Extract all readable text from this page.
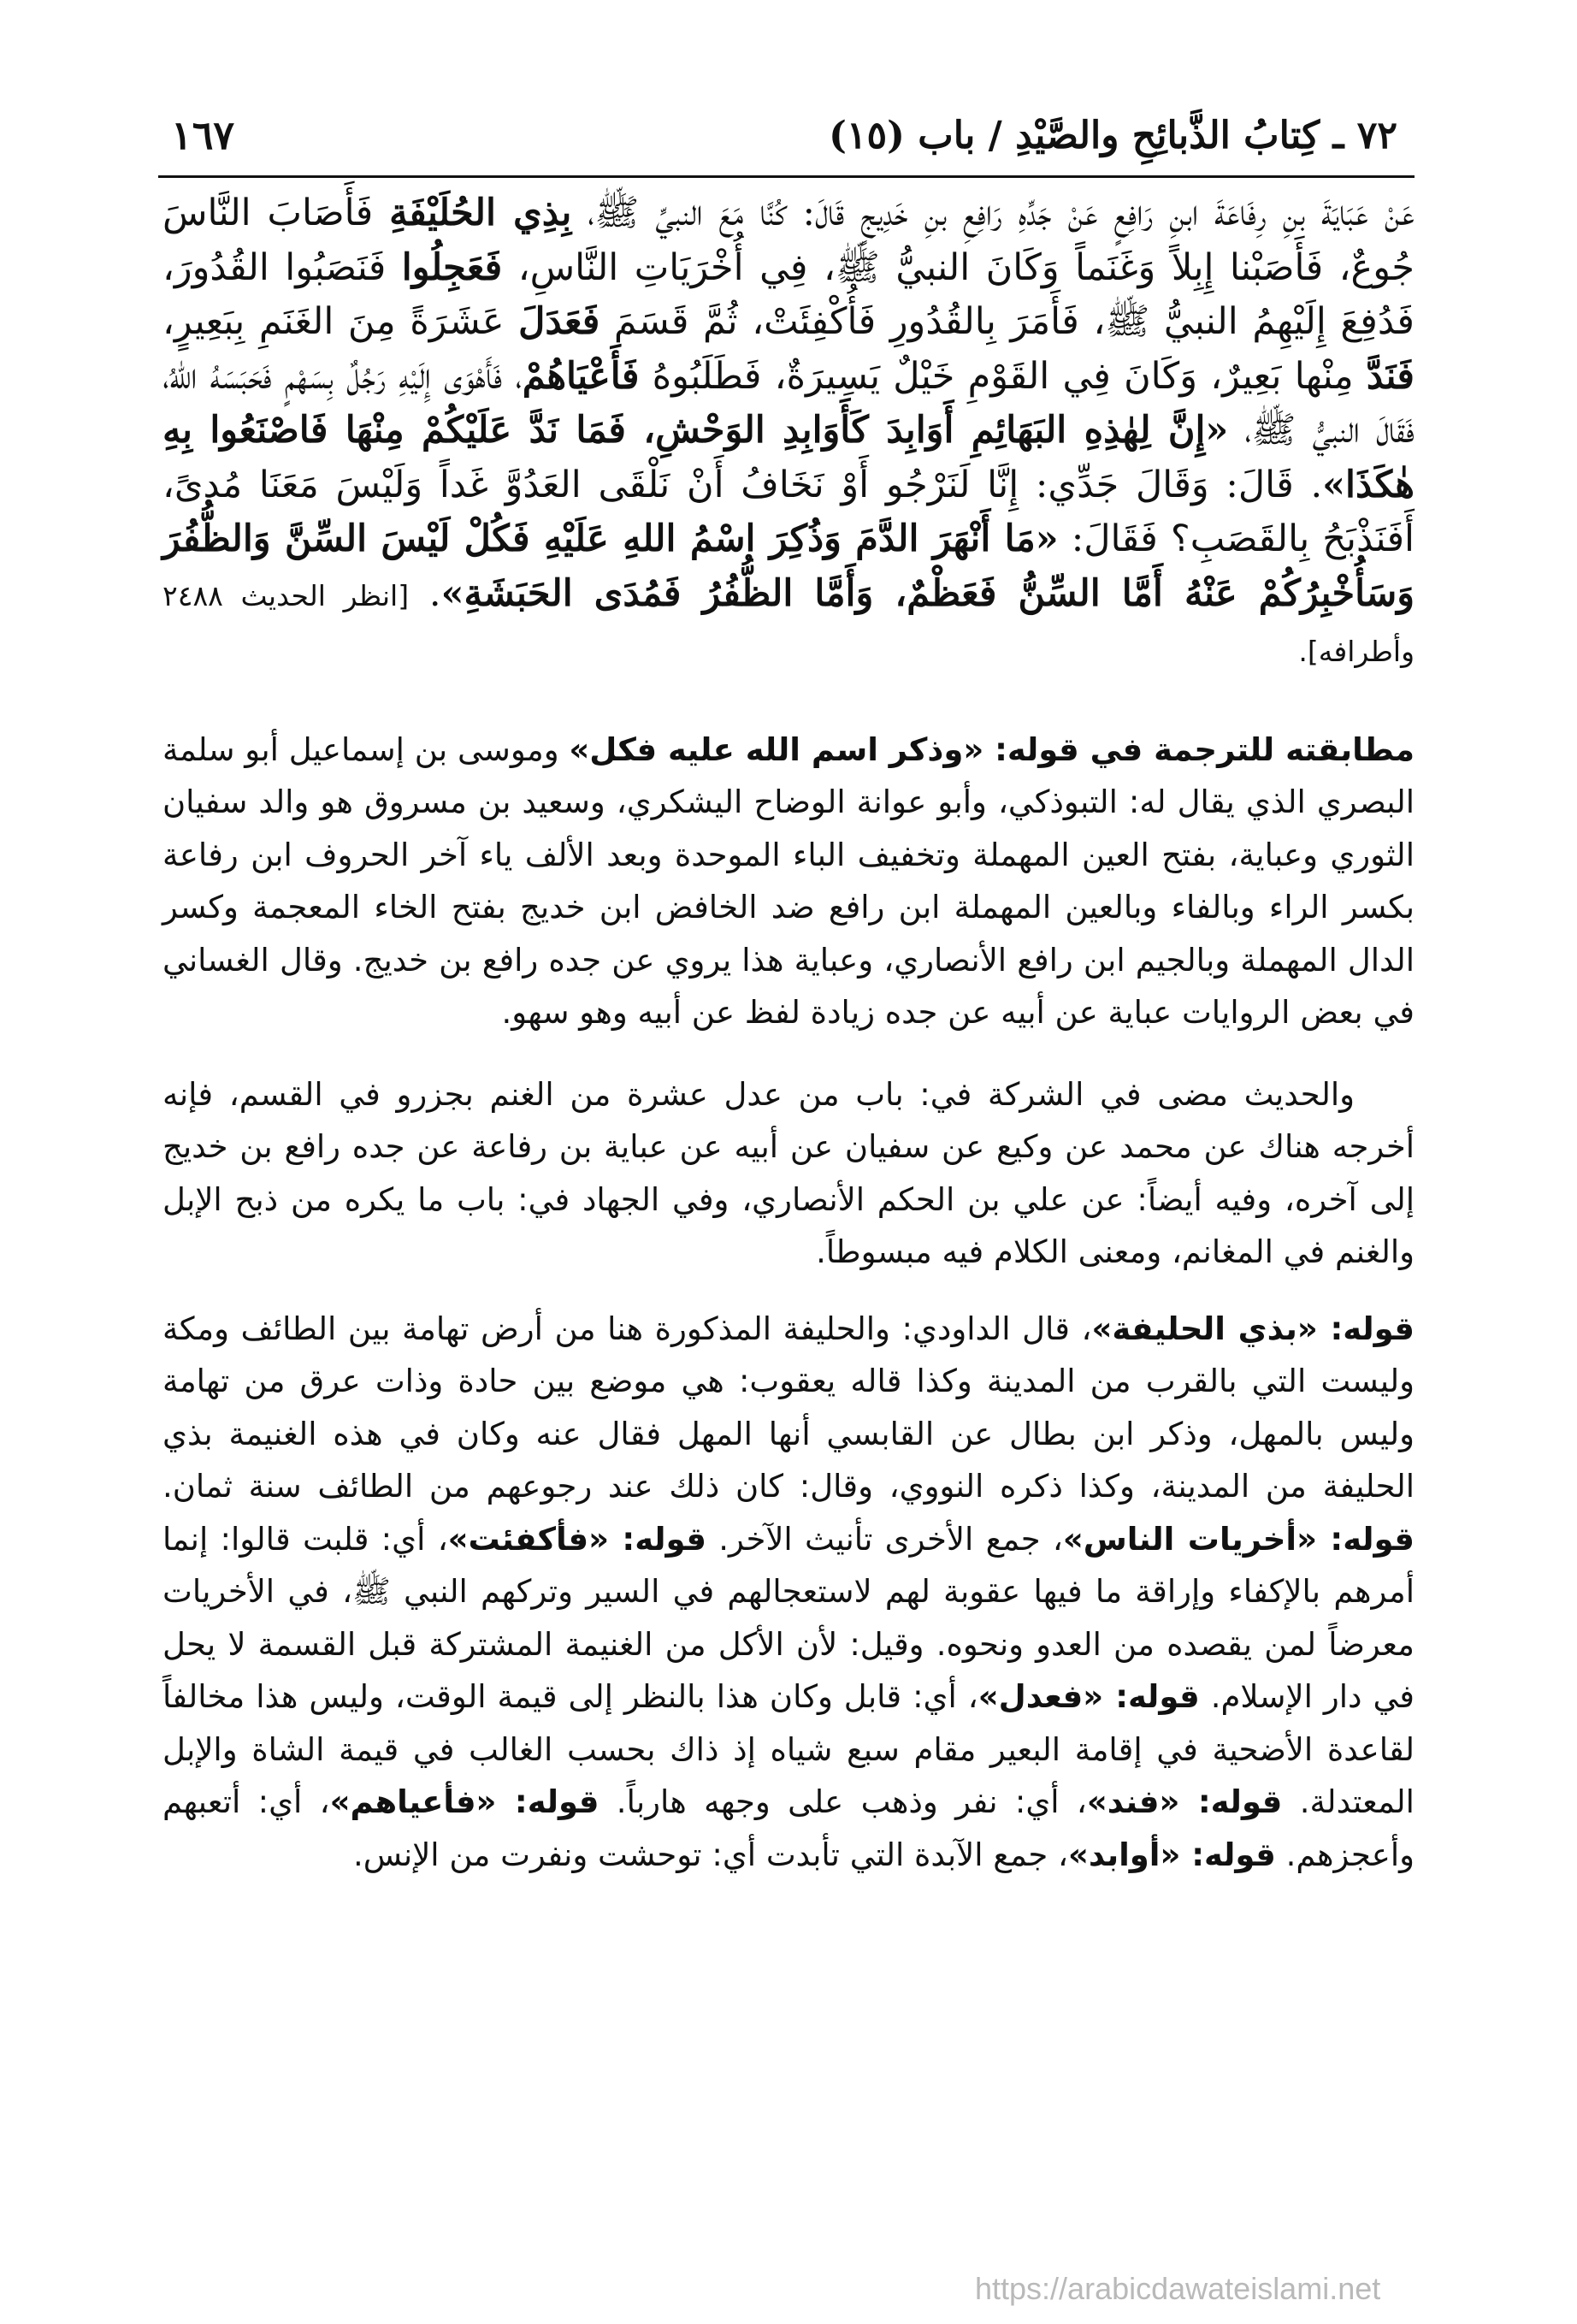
٧٢ ـ كِتابُ الذَّبائِحِ والصَّيْدِ / باب (١٥)
١٦٧

عَنْ عَبَايَةَ بنِ رِفَاعَةَ ابنِ رَافِعٍ عَنْ جَدِّهِ رَافِعِ بنِ خَدِيجٍ قَالَ: كُنَّا مَعَ النبيِّ ﷺ، بِذِي الحُلَيْفَةِ فَأَصَابَ النَّاسَ جُوعٌ، فَأَصَبْنا إِبِلاً وَغَنَماً وَكَانَ النبيُّ ﷺ، فِي أُخْرَيَاتِ النَّاسِ، فَعَجِلُوا فَنَصَبُوا القُدُورَ، فَدُفِعَ إِلَيْهِمُ النبيُّ ﷺ، فَأَمَرَ بِالقُدُورِ فَأُكْفِئَتْ، ثُمَّ قَسَمَ فَعَدَلَ عَشَرَةً مِنَ الغَنَمِ بِبَعِيرٍ، فَنَدَّ مِنْها بَعِيرٌ، وَكَانَ فِي القَوْمِ خَيْلٌ يَسِيرَةٌ، فَطَلَبُوهُ فَأَعْيَاهُمْ، فَأَهْوَى إِلَيْهِ رَجُلٌ بِسَهْمٍ فَحَبَسَهُ اللهُ، فَقَالَ النبيُّ ﷺ، «إِنَّ لِهٰذِهِ البَهَائِمِ أَوَابِدَ كَأَوَابِدِ الوَحْشِ، فَمَا نَدَّ عَلَيْكُمْ مِنْهَا فَاصْنَعُوا بِهِ هٰكَذَا». قَالَ: وَقَالَ جَدِّي: إِنَّا لَنَرْجُو أَوْ نَخَافُ أَنْ نَلْقَى العَدُوَّ غَداً وَلَيْسَ مَعَنَا مُدىً، أَفَنَذْبَحُ بِالقَصَبِ؟ فَقَالَ: «مَا أَنْهَرَ الدَّمَ وَذُكِرَ اسْمُ اللهِ عَلَيْهِ فَكُلْ لَيْسَ السِّنَّ وَالظُّفُرَ وَسَأُخْبِرُكُمْ عَنْهُ أَمَّا السِّنُّ فَعَظْمٌ، وَأَمَّا الظُّفُرُ فَمُدَى الحَبَشَةِ». [انظر الحديث ٢٤٨٨ وأطرافه].

مطابقته للترجمة في قوله: «وذكر اسم الله عليه فكل» وموسى بن إسماعيل أبو سلمة البصري الذي يقال له: التبوذكي، وأبو عوانة الوضاح اليشكري، وسعيد بن مسروق هو والد سفيان الثوري وعباية، بفتح العين المهملة وتخفيف الباء الموحدة وبعد الألف ياء آخر الحروف ابن رفاعة بكسر الراء وبالفاء وبالعين المهملة ابن رافع ضد الخافض ابن خديج بفتح الخاء المعجمة وكسر الدال المهملة وبالجيم ابن رافع الأنصاري، وعباية هذا يروي عن جده رافع بن خديج. وقال الغساني في بعض الروايات عباية عن أبيه عن جده زيادة لفظ عن أبيه وهو سهو.

والحديث مضى في الشركة في: باب من عدل عشرة من الغنم بجزرو في القسم، فإنه أخرجه هناك عن محمد عن وكيع عن سفيان عن أبيه عن عباية بن رفاعة عن جده رافع بن خديج إلى آخره، وفيه أيضاً: عن علي بن الحكم الأنصاري، وفي الجهاد في: باب ما يكره من ذبح الإبل والغنم في المغانم، ومعنى الكلام فيه مبسوطاً.

قوله: «بذي الحليفة»، قال الداودي: والحليفة المذكورة هنا من أرض تهامة بين الطائف ومكة وليست التي بالقرب من المدينة وكذا قاله يعقوب: هي موضع بين حادة وذات عرق من تهامة وليس بالمهل، وذكر ابن بطال عن القابسي أنها المهل فقال عنه وكان في هذه الغنيمة بذي الحليفة من المدينة، وكذا ذكره النووي، وقال: كان ذلك عند رجوعهم من الطائف سنة ثمان. قوله: «أخريات الناس»، جمع الأخرى تأنيث الآخر. قوله: «فأكفئت»، أي: قلبت قالوا: إنما أمرهم بالإكفاء وإراقة ما فيها عقوبة لهم لاستعجالهم في السير وتركهم النبي ﷺ، في الأخريات معرضاً لمن يقصده من العدو ونحوه. وقيل: لأن الأكل من الغنيمة المشتركة قبل القسمة لا يحل في دار الإسلام. قوله: «فعدل»، أي: قابل وكان هذا بالنظر إلى قيمة الوقت، وليس هذا مخالفاً لقاعدة الأضحية في إقامة البعير مقام سبع شياه إذ ذاك بحسب الغالب في قيمة الشاة والإبل المعتدلة. قوله: «فند»، أي: نفر وذهب على وجهه هارباً. قوله: «فأعياهم»، أي: أتعبهم وأعجزهم. قوله: «أوابد»، جمع الآبدة التي تأبدت أي: توحشت ونفرت من الإنس.

https://arabicdawateislami.net
